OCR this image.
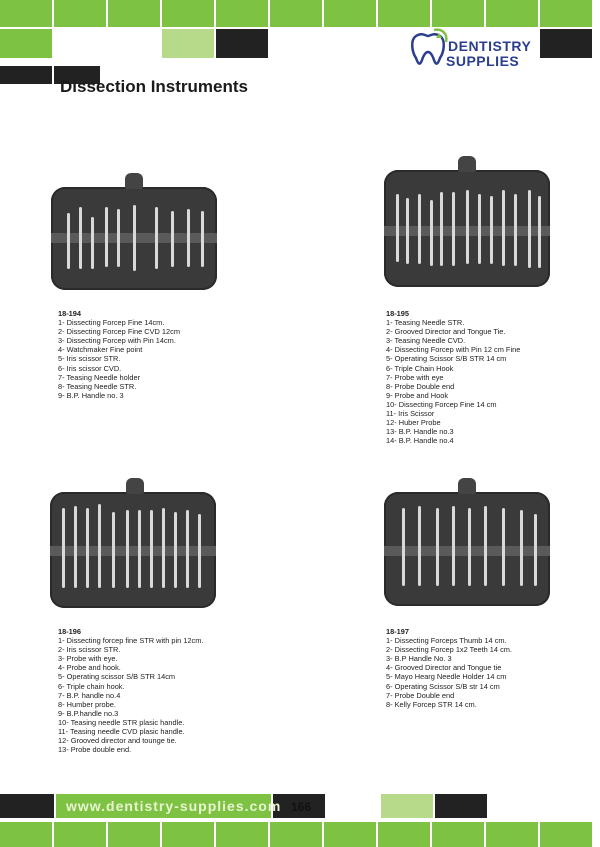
DENTISTRY
SUPPLIES
Dissection Instruments
18-194
1- Dissecting Forcep Fine 14cm.
2- Dissecting Forcep Fine CVD 12cm
3- Dissecting Forcep with Pin 14cm.
4- Watchmaker Fine point
5- Iris scissor STR.
6- Iris scissor CVD.
7- Teasing Needle holder
8- Teasing Needle STR.
9- B.P. Handle no. 3
18-195
1- Teasing Needle STR.
2- Grooved Director and Tongue Tie.
3- Teasing Needle CVD.
4- Dissecting Forcep with Pin 12 cm Fine
5- Operating Scissor S/B STR 14 cm
6- Triple Chain Hook
7- Probe with eye
8- Probe Double end
9- Probe and Hook
10- Dissecting Forcep Fine 14 cm
11- Iris Scissor
12- Huber Probe
13- B.P. Handle no.3
14- B.P. Handle no.4
18-196
1- Dissecting forcep fine STR with pin 12cm.
2- Iris scissor STR.
3- Probe with eye.
4- Probe and hook.
5- Operating scissor S/B STR 14cm
6- Triple chain hook.
7- B.P. handle no.4
8- Humber probe.
9- B.P.handle no.3
10- Teasing needle STR plasic handle.
11- Teasing needle CVD plasic handle.
12- Grooved director and tounge tie.
13- Probe double end.
18-197
1- Dissecting Forceps Thumb 14 cm.
2- Dissecting Forcep 1x2 Teeth 14 cm.
3- B.P Handle No. 3
4- Grooved Director and Tongue tie
5- Mayo Hearg Needle Holder 14 cm
6- Operating Scissor S/B str 14 cm
7- Probe Double end
8- Kelly Forcep STR 14 cm.
www.dentistry-supplies.com 166
